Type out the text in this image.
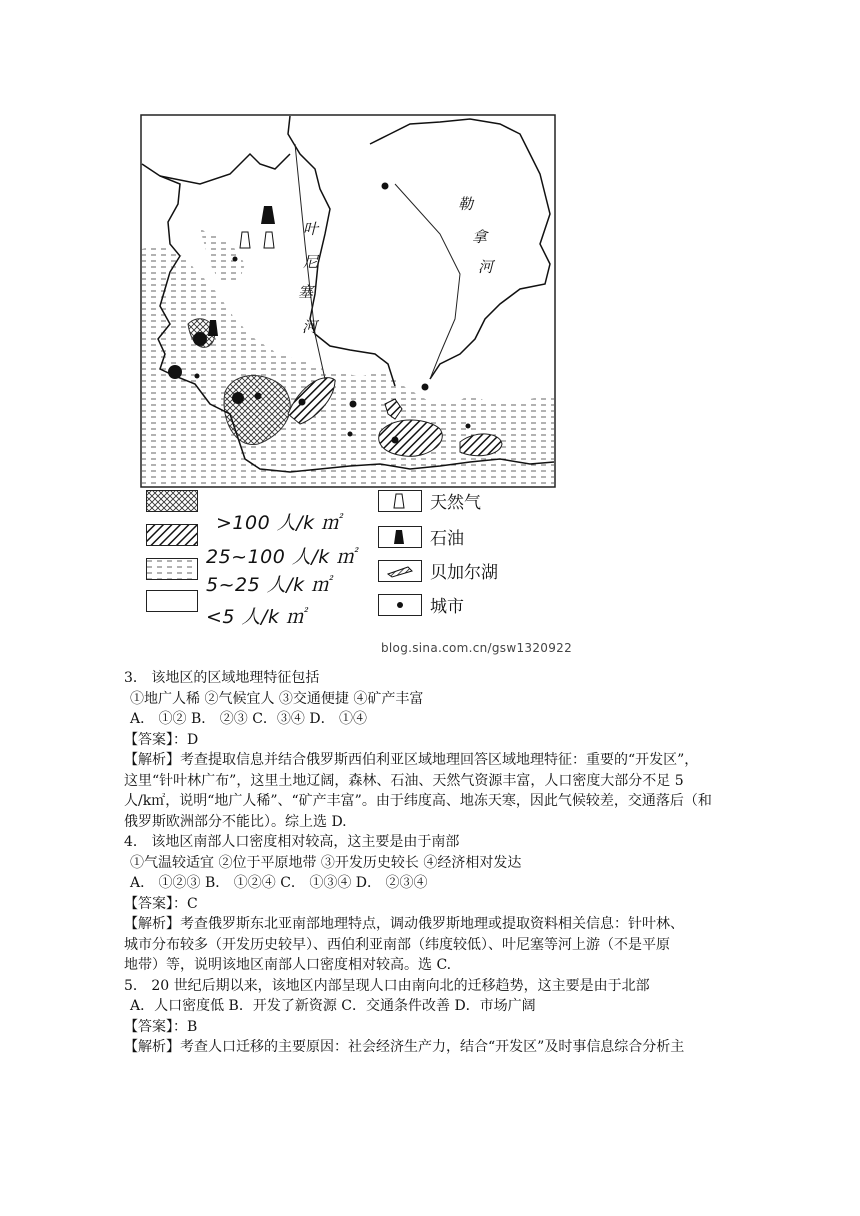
叶
尼
塞
河
勒
拿
河
>100 人/k ㎡
25~100 人/k ㎡
5~25 人/k ㎡
<5 人/k ㎡
天然气
石油
贝加尔湖
城市
blog.sina.com.cn/gsw1320922
3． 该地区的区域地理特征包括
①地广人稀 ②气候宜人 ③交通便捷 ④矿产丰富
A． ①② B． ②③ C．③④ D． ①④
【答案】：D
【解析】考查提取信息并结合俄罗斯西伯利亚区域地理回答区域地理特征：重要的“开发区”，
这里“针叶林广布”，这里土地辽阔，森林、石油、天然气资源丰富，人口密度大部分不足 5
人/k㎡，说明“地广人稀”、“矿产丰富”。由于纬度高、地冻天寒，因此气候较差，交通落后（和
俄罗斯欧洲部分不能比）。综上选 D.
4． 该地区南部人口密度相对较高，这主要是由于南部
①气温较适宜 ②位于平原地带 ③开发历史较长 ④经济相对发达
A． ①②③ B． ①②④ C． ①③④ D． ②③④
【答案】：C
【解析】考查俄罗斯东北亚南部地理特点，调动俄罗斯地理或提取资料相关信息：针叶林、
城市分布较多（开发历史较早）、西伯利亚南部（纬度较低）、叶尼塞等河上游（不是平原
地带）等，说明该地区南部人口密度相对较高。选 C.
5． 20 世纪后期以来，该地区内部呈现人口由南向北的迁移趋势，这主要是由于北部
A．人口密度低 B．开发了新资源 C．交通条件改善 D．市场广阔
【答案】：B
【解析】考查人口迁移的主要原因：社会经济生产力，结合“开发区”及时事信息综合分析主
